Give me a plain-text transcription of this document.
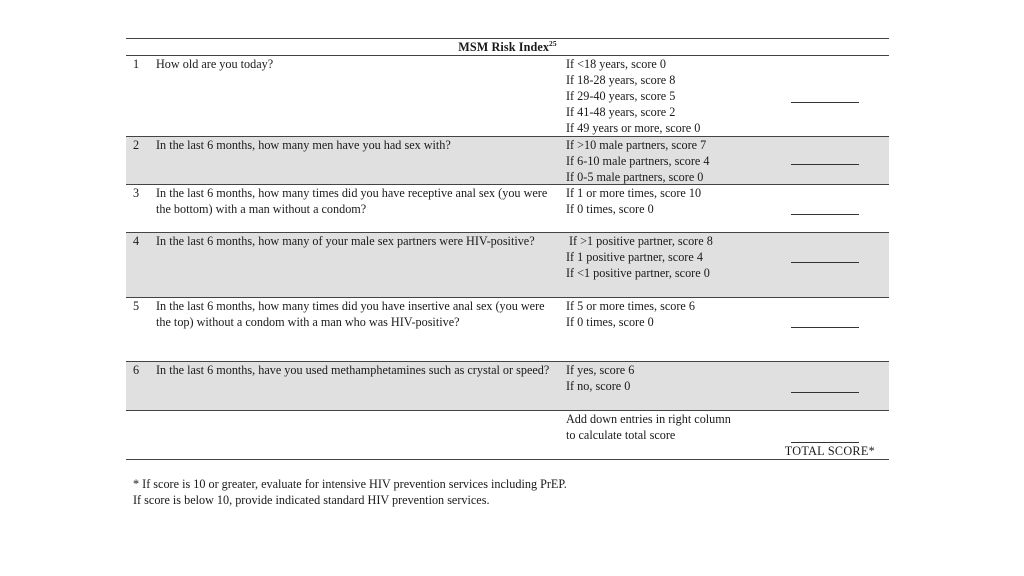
MSM Risk Index$^{25}$
1 How old are you today?	If <18 years, score 0
If 18-28 years, score 8
If 29-40 years, score 5
If 41-48 years, score 2
If 49 years or more, score 0
2 In the last 6 months, how many men have you had sex with?	If >10 male partners, score 7
If 6-10 male partners, score 4
If 0-5 male partners, score 0
3 In the last 6 months, how many times did you have receptive anal sex (you were the bottom) with a man without a condom?
If 1 or more times, score 10
If 0 times, score 0
4 In the last 6 months, how many of your male sex partners were HIV-positive?	If >1 positive partner, score 8
If 1 positive partner, score 4
If <1 positive partner, score 0
5 In the last 6 months, how many times did you have insertive anal sex (you were the top) without a condom with a man who was HIV-positive?
If 5 or more times, score 6
If 0 times, score 0
6 In the last 6 months, have you used methamphetamines such as crystal or speed?	If yes, score 6
If no, score 0
Add down entries in right column
to calculate total score
TOTAL SCORE*
* If score is 10 or greater, evaluate for intensive HIV prevention services including PrEP.
If score is below 10, provide indicated standard HIV prevention services.
